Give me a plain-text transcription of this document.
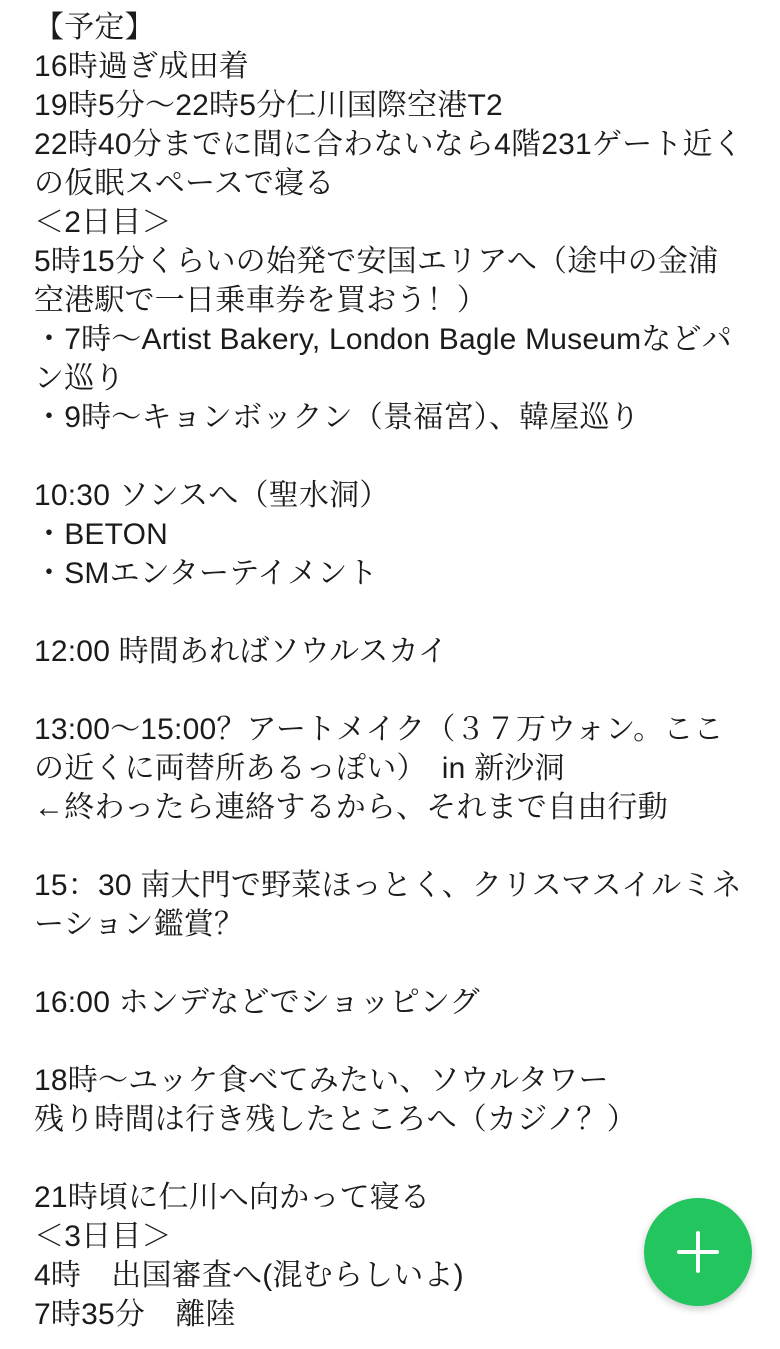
【予定】
16時過ぎ成田着
19時5分〜22時5分仁川国際空港T2
22時40分までに間に合わないなら4階231ゲート近くの仮眠スペースで寝る
＜2日目＞
5時15分くらいの始発で安国エリアへ（途中の金浦空港駅で一日乗車券を買おう！）
・7時〜Artist Bakery, London Bagle Museumなどパン巡り
・9時〜キョンボックン（景福宮）、韓屋巡り
10:30 ソンスへ（聖水洞）
・BETON
・SMエンターテイメント
12:00 時間あればソウルスカイ
13:00〜15:00？アートメイク（３７万ウォン。ここの近くに両替所あるっぽい）　in 新沙洞
←終わったら連絡するから、それまで自由行動
15：30 南大門で野菜ほっとく、クリスマスイルミネーション鑑賞？
16:00 ホンデなどでショッピング
18時〜ユッケ食べてみたい、ソウルタワー
残り時間は行き残したところへ（カジノ？）
21時頃に仁川へ向かって寝る
＜3日目＞
4時　出国審査へ(混むらしいよ)
7時35分　離陸
